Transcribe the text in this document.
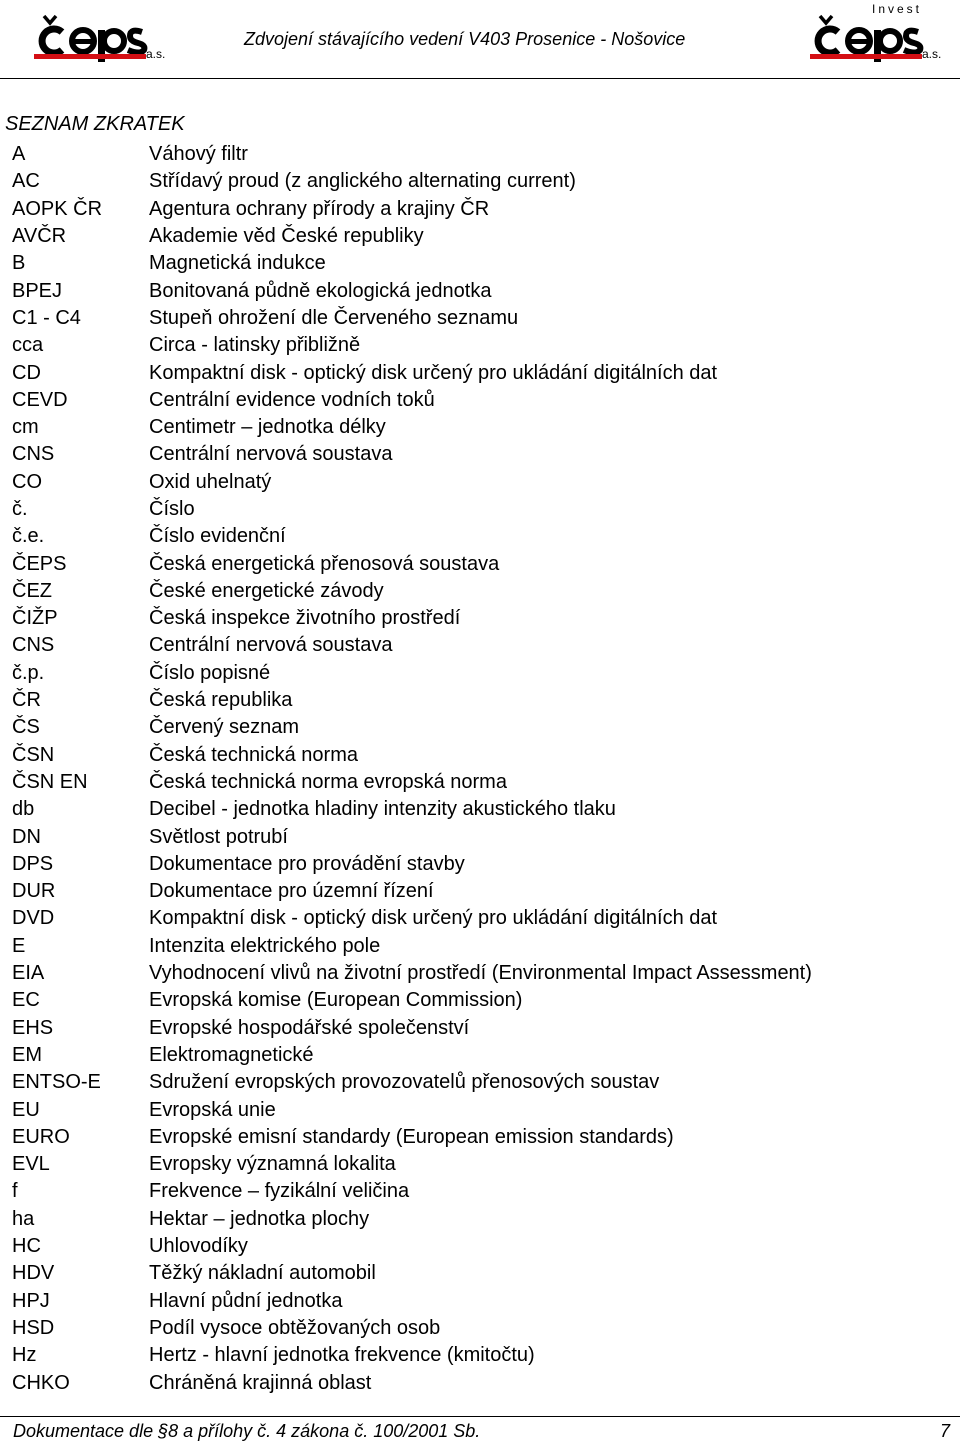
a.s.
Zdvojení stávajícího vedení V403 Prosenice - Nošovice
Invest
a.s.
SEZNAM ZKRATEK
A	Váhový filtr
AC	Střídavý proud (z anglického alternating current)
AOPK ČR	Agentura ochrany přírody a krajiny ČR
AVČR	Akademie věd České republiky
B	Magnetická indukce
BPEJ	Bonitovaná půdně ekologická jednotka
C1 - C4	Stupeň ohrožení dle Červeného seznamu
cca	Circa - latinsky přibližně
CD	Kompaktní disk - optický disk určený pro ukládání digitálních dat
CEVD	Centrální evidence vodních toků
cm	Centimetr – jednotka délky
CNS	Centrální nervová soustava
CO	Oxid uhelnatý
č.	Číslo
č.e.	Číslo evidenční
ČEPS	Česká energetická přenosová soustava
ČEZ	České energetické závody
ČIŽP	Česká inspekce životního prostředí
CNS	Centrální nervová soustava
č.p.	Číslo popisné
ČR	Česká republika
ČS	Červený seznam
ČSN	Česká technická norma
ČSN EN	Česká technická norma evropská norma
db	Decibel - jednotka hladiny intenzity akustického tlaku
DN	Světlost potrubí
DPS	Dokumentace pro provádění stavby
DUR	Dokumentace pro územní řízení
DVD	Kompaktní disk - optický disk určený pro ukládání digitálních dat
E	Intenzita elektrického pole
EIA	Vyhodnocení vlivů na životní prostředí (Environmental Impact Assessment)
EC	Evropská komise (European Commission)
EHS	Evropské hospodářské společenství
EM	Elektromagnetické
ENTSO-E	Sdružení evropských provozovatelů přenosových soustav
EU	Evropská unie
EURO	Evropské emisní standardy (European emission standards)
EVL	Evropsky významná lokalita
f	Frekvence – fyzikální veličina
ha	Hektar – jednotka plochy
HC	Uhlovodíky
HDV	Těžký nákladní automobil
HPJ	Hlavní půdní jednotka
HSD	Podíl vysoce obtěžovaných osob
Hz	Hertz - hlavní jednotka frekvence (kmitočtu)
CHKO	Chráněná krajinná oblast
Dokumentace dle §8 a přílohy č. 4 zákona č. 100/2001 Sb.	7
